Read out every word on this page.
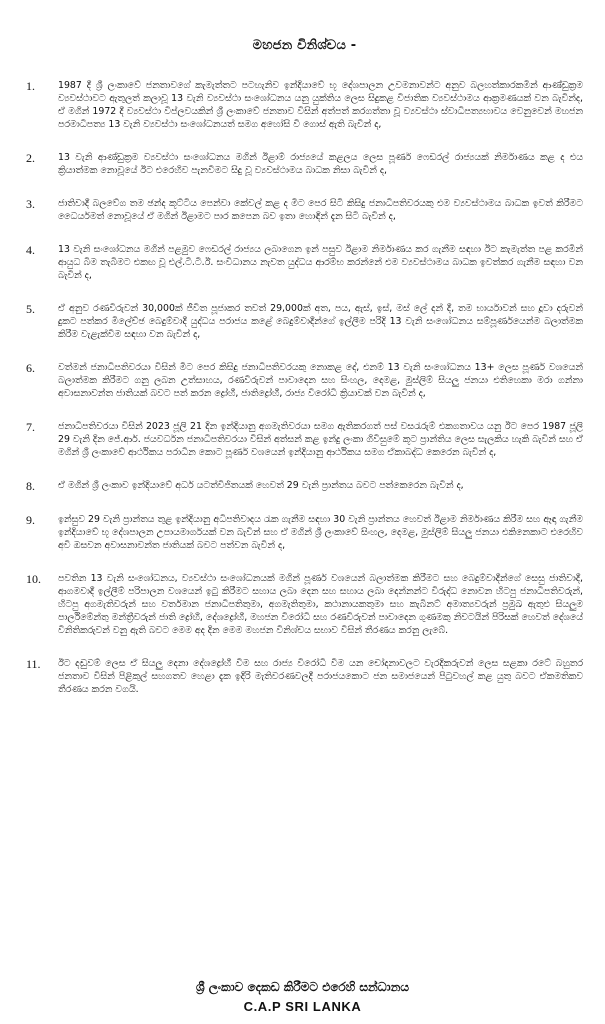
මහජන විනිශ්චය -
1.	1987 දී ශ්‍රී ලංකාවේ ජනතාවගේ කැමැත්තට පටහැනිව ඉන්දියාවේ භූ දේශපාලන උවමනාවන්ට අනුව බලහත්කාරකමින් ආණ්ඩුක්‍රම ව්‍යවස්ථාවට ඇතුලත් කලාවූ 13 වැනි ව්‍යවස්ථා සංශෝධනය යනු යුක්තිය ලෙස සිදුකළ විජාතික ව්‍යවස්ථාමය ආක්‍රමණයක් වන බැවින්ද, ඒ මගින් 1972 දී ව්‍යවස්ථා විප්ලවයකින් ශ්‍රී ලංකාවේ ජනතාව විසින් අත්පත් කරගත්තා වූ ව්‍යවස්ථා ස්වාධිපත්‍යභාවය වෙනුවෙන් මහජන පරමාධිපත්‍ය 13 වැනි ව්‍යවස්ථා සංශෝධනයත් සමග අහෝසි වී ගොස් ඇති බැවින් ද,
2.	13 වැනි ආණ්ඩුක්‍රම ව්‍යවස්ථා සංශෝධනය මගින් ඊළාම් රාජ්‍යයේ කළලය ලෙස පූර්ණ ෆෙඩරල් රාජ්‍යයක් නිර්මාණය කළ ද එය ක්‍රියාත්මක නොවූයේ ඊට එරෙහිව පැනවීමට සිදු වූ ව්‍යවස්ථාමය බාධක නිසා බැවින් ද,
3.	ජාතිවාදී බලවේග තම ඡන්ද කූට්ටිය පෙන්වා කේවල් කළ ද මීට පෙර සිටි කිසිදු ජනාධිපතිවරයකු එම ව්‍යවස්ථාමය බාධක ඉවත් කිරීමට ධෛර්යමත් නොවූයේ ඒ මගින් ඊළාමට පාර කපෙන බව ඉතා හොඳින් දැන සිටි බැවින් ද,
4.	13 වැනි සංශෝධනය මගින් පළමුව ෆෙඩරල් රාජ්‍යය ලබාගෙන ඉන් පසුව ඊළාම නිර්මාණය කර ගැනීම සඳහා ඊට කැමැත්ත පළ කරමින් ආයුධ බිම තැබීමට එකඟ වූ එල්.ටී.ටී.ඊ. සංවිධානය නැවත යුද්ධය ආරම්භ කරන්නේ එම ව්‍යවස්ථාමය බාධක ඉවත්කර ගැනීම සඳහා වන බැවින් ද,
5.	ඒ අනුව රණවිරුවන් 30,000ක් ජීවිත පූජාකර තවත් 29,000ක් අත, පය, ඇස්, ඉස්, මස් ලේ දන් දී, තම භාර්යාවන් සහ දූවා දරුවන් දුකට පත්කර මිලේච්ඡ බෙදුම්වාදී යුද්ධය පරාජය කළේ බෙදුම්වාදීන්ගේ ඉල්ලීම පරිදි 13 වැනි සංශෝධනය සම්පූර්ණයෙන්ම බලාත්මක කිරීම වැළැක්වීම සඳහා වන බැවින් ද,
6.	වත්මන් ජනාධිපතිවරයා විසින් මීට පෙර කිසිදු ජනාධිපතිවරයකු නොකළ දේ, එනම් 13 වැනි සංශෝධනය 13+ ලෙස පූර්ණ වශයෙන් බලාත්මක කිරීමට ගනු ලබන උත්සාහය, රණවිරුවන් පාවාදෙන සහ සිංහල, දෙමළ, මුස්ලිම් සියලු ජනයා එතිහෙකා මරා ගන්නා අවාසනාවන්ත ජාතියක් බවට පත් කරන ද්‍රෝහී, ජාතිද්‍රෝහී, රාජ්‍ය විරෝධී ක්‍රියාවක් වන බැවින් ද,
7.	ජනාධිපතිවරයා විසින් 2023 ජූලි 21 දින ඉන්දියානු අගමැතිවරයා සමග ඇතිකරගත් පස් වසරැරුම් එකගතාවය යනු ඊට පෙර 1987 ජූලි 29 වැනි දින ජේ.ආර්. ජයවර්ධන ජනාධිපතිවරයා විසින් අත්සන් කළ ඉන්දු ලංකා ගිවිසුමේ කූට ප්‍රාන්තිය ලෙස සැලකිය හැකි බැවින් සහ ඒ මගින් ශ්‍රී ලංකාවේ ආර්ථිකය පරාධීන කොට පූර්ණ වශයෙන් ඉන්දියානු ආර්ථිකය සමග ඒකාබද්ධ කෙරෙන බැවින් ද,
8.	ඒ මගින් ශ්‍රී ලංකාව ඉන්දියාවේ අර්ධ යටත්විජිතයක් හෙවත් 29 වැනි ප්‍රාන්තය බවට පත්කෙරෙන බැවින් ද,
9.	ඉන්සුව 29 වැනි ප්‍රාන්තය තුළ ඉන්දියානු අධිපතිවාදය රැක ගැනීම සඳහා 30 වැනි ප්‍රාන්තය හෙවත් ඊළාම නිර්මාණය කිරීම සහ ඈඳා ගැනීම ඉන්දියාවේ භූ දේශපාලන උපායමාර්ගයක් වන බැවින් සහ ඒ මගින් ශ්‍රී ලංකාවේ සිංහල, දෙමළ, මුස්ලිම් සියලු ජනයා එකිනෙකාට එරෙහිව අවි ඔසවන අවාසනාවන්ත ජාතියක් බවට පත්වන බැවින් ද,
10.	පවතින 13 වැනි සංශෝධනය, ව්‍යවස්ථා සංශෝධනයක් මගින් පූර්ණ වශයෙන් බලාත්මක කිරීමට සහ බෙදුම්වාදීන්ගේ සෙසු ජාතිවාදී, ආගමවාදී ඉල්ලීම් පරිපාලන වශයෙන් ඉටු කිරීමට සහාය ලබා දෙන සහ සහාය ලබා දෙන්නන්ට විරුද්ධ නොවන හිටපු ජනාධිපතිවරුන්, හිටපු අගමැතිවරුන් සහ වර්තමාන ජනාධිපතිතුමා, අගමැතිතුමා, කථානායකතුමා සහ කැබිනට් අමාත්‍යවරුන් ප්‍රමුඛ ඇතුළු සියලුම පාර්ලිමේන්තු මන්ත්‍රීවරුන් ජාති ද්‍රෝහී, දේශද්‍රෝහී, මහජන විරෝධී සහ රණවිරුවන් පාවාදෙන ගුණමකු නිවටයින් පිරිසක් හෙවත් දේශයේ විනිතිකරුවන් වනු ඇති බවට මෙම අද දින මෙම මහජන විනිශ්චය සභාව විසින් තීරණය කරනු ලැබේ.
11.	ඊට දඬුවම් ලෙස ඒ සියලු දෙනා දේශද්‍රෝහී වීම සහ රාජ්‍ය විරෝධී වීම යන චෝදනාවලට වැරදිකරුවන් ලෙස සළකා රටේ බහුතර ජනතාව විසින් පිළිකුල් සහගතව හෙළා දැක ඉදිරි මැතිවරණවලදී පරාජයකොට ජන සමාජයෙන් පිටුවහල් කළ යුතු බවට ඒකමතිකව තීරණය කරන වගයි.
ශ්‍රී ලංකාව දෙකඩ කිරීමට එරෙහි සන්ධානය
C.A.P SRI LANKA
